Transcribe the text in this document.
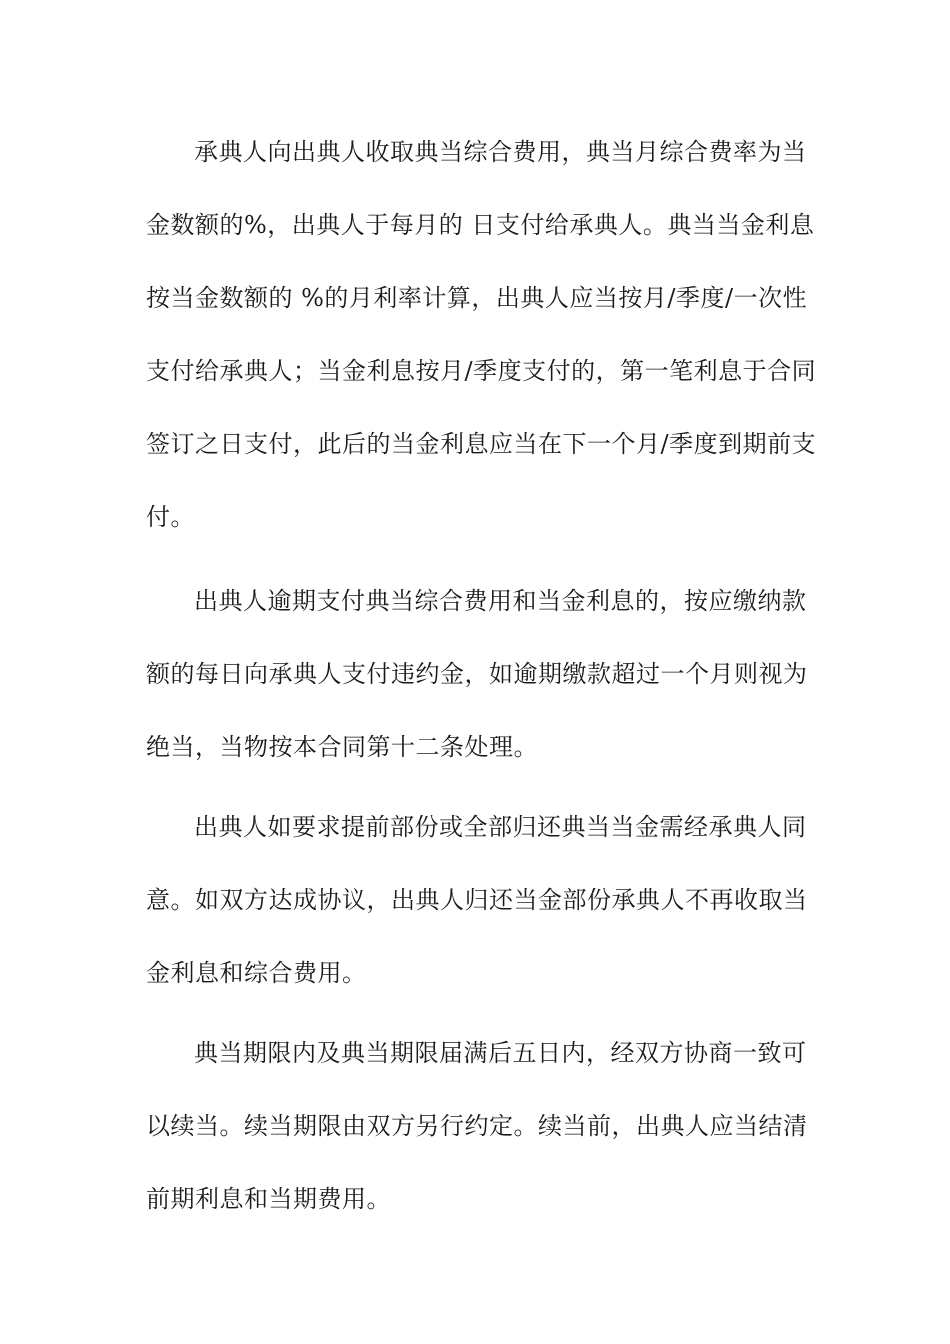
承典人向出典人收取典当综合费用，典当月综合费率为当
金数额的%，出典人于每月的 日支付给承典人。典当当金利息
按当金数额的 %的月利率计算，出典人应当按月/季度/一次性
支付给承典人；当金利息按月/季度支付的，第一笔利息于合同
签订之日支付，此后的当金利息应当在下一个月/季度到期前支
付。
出典人逾期支付典当综合费用和当金利息的，按应缴纳款
额的每日向承典人支付违约金，如逾期缴款超过一个月则视为
绝当，当物按本合同第十二条处理。
出典人如要求提前部份或全部归还典当当金需经承典人同
意。如双方达成协议，出典人归还当金部份承典人不再收取当
金利息和综合费用。
典当期限内及典当期限届满后五日内，经双方协商一致可
以续当。续当期限由双方另行约定。续当前，出典人应当结清
前期利息和当期费用。
